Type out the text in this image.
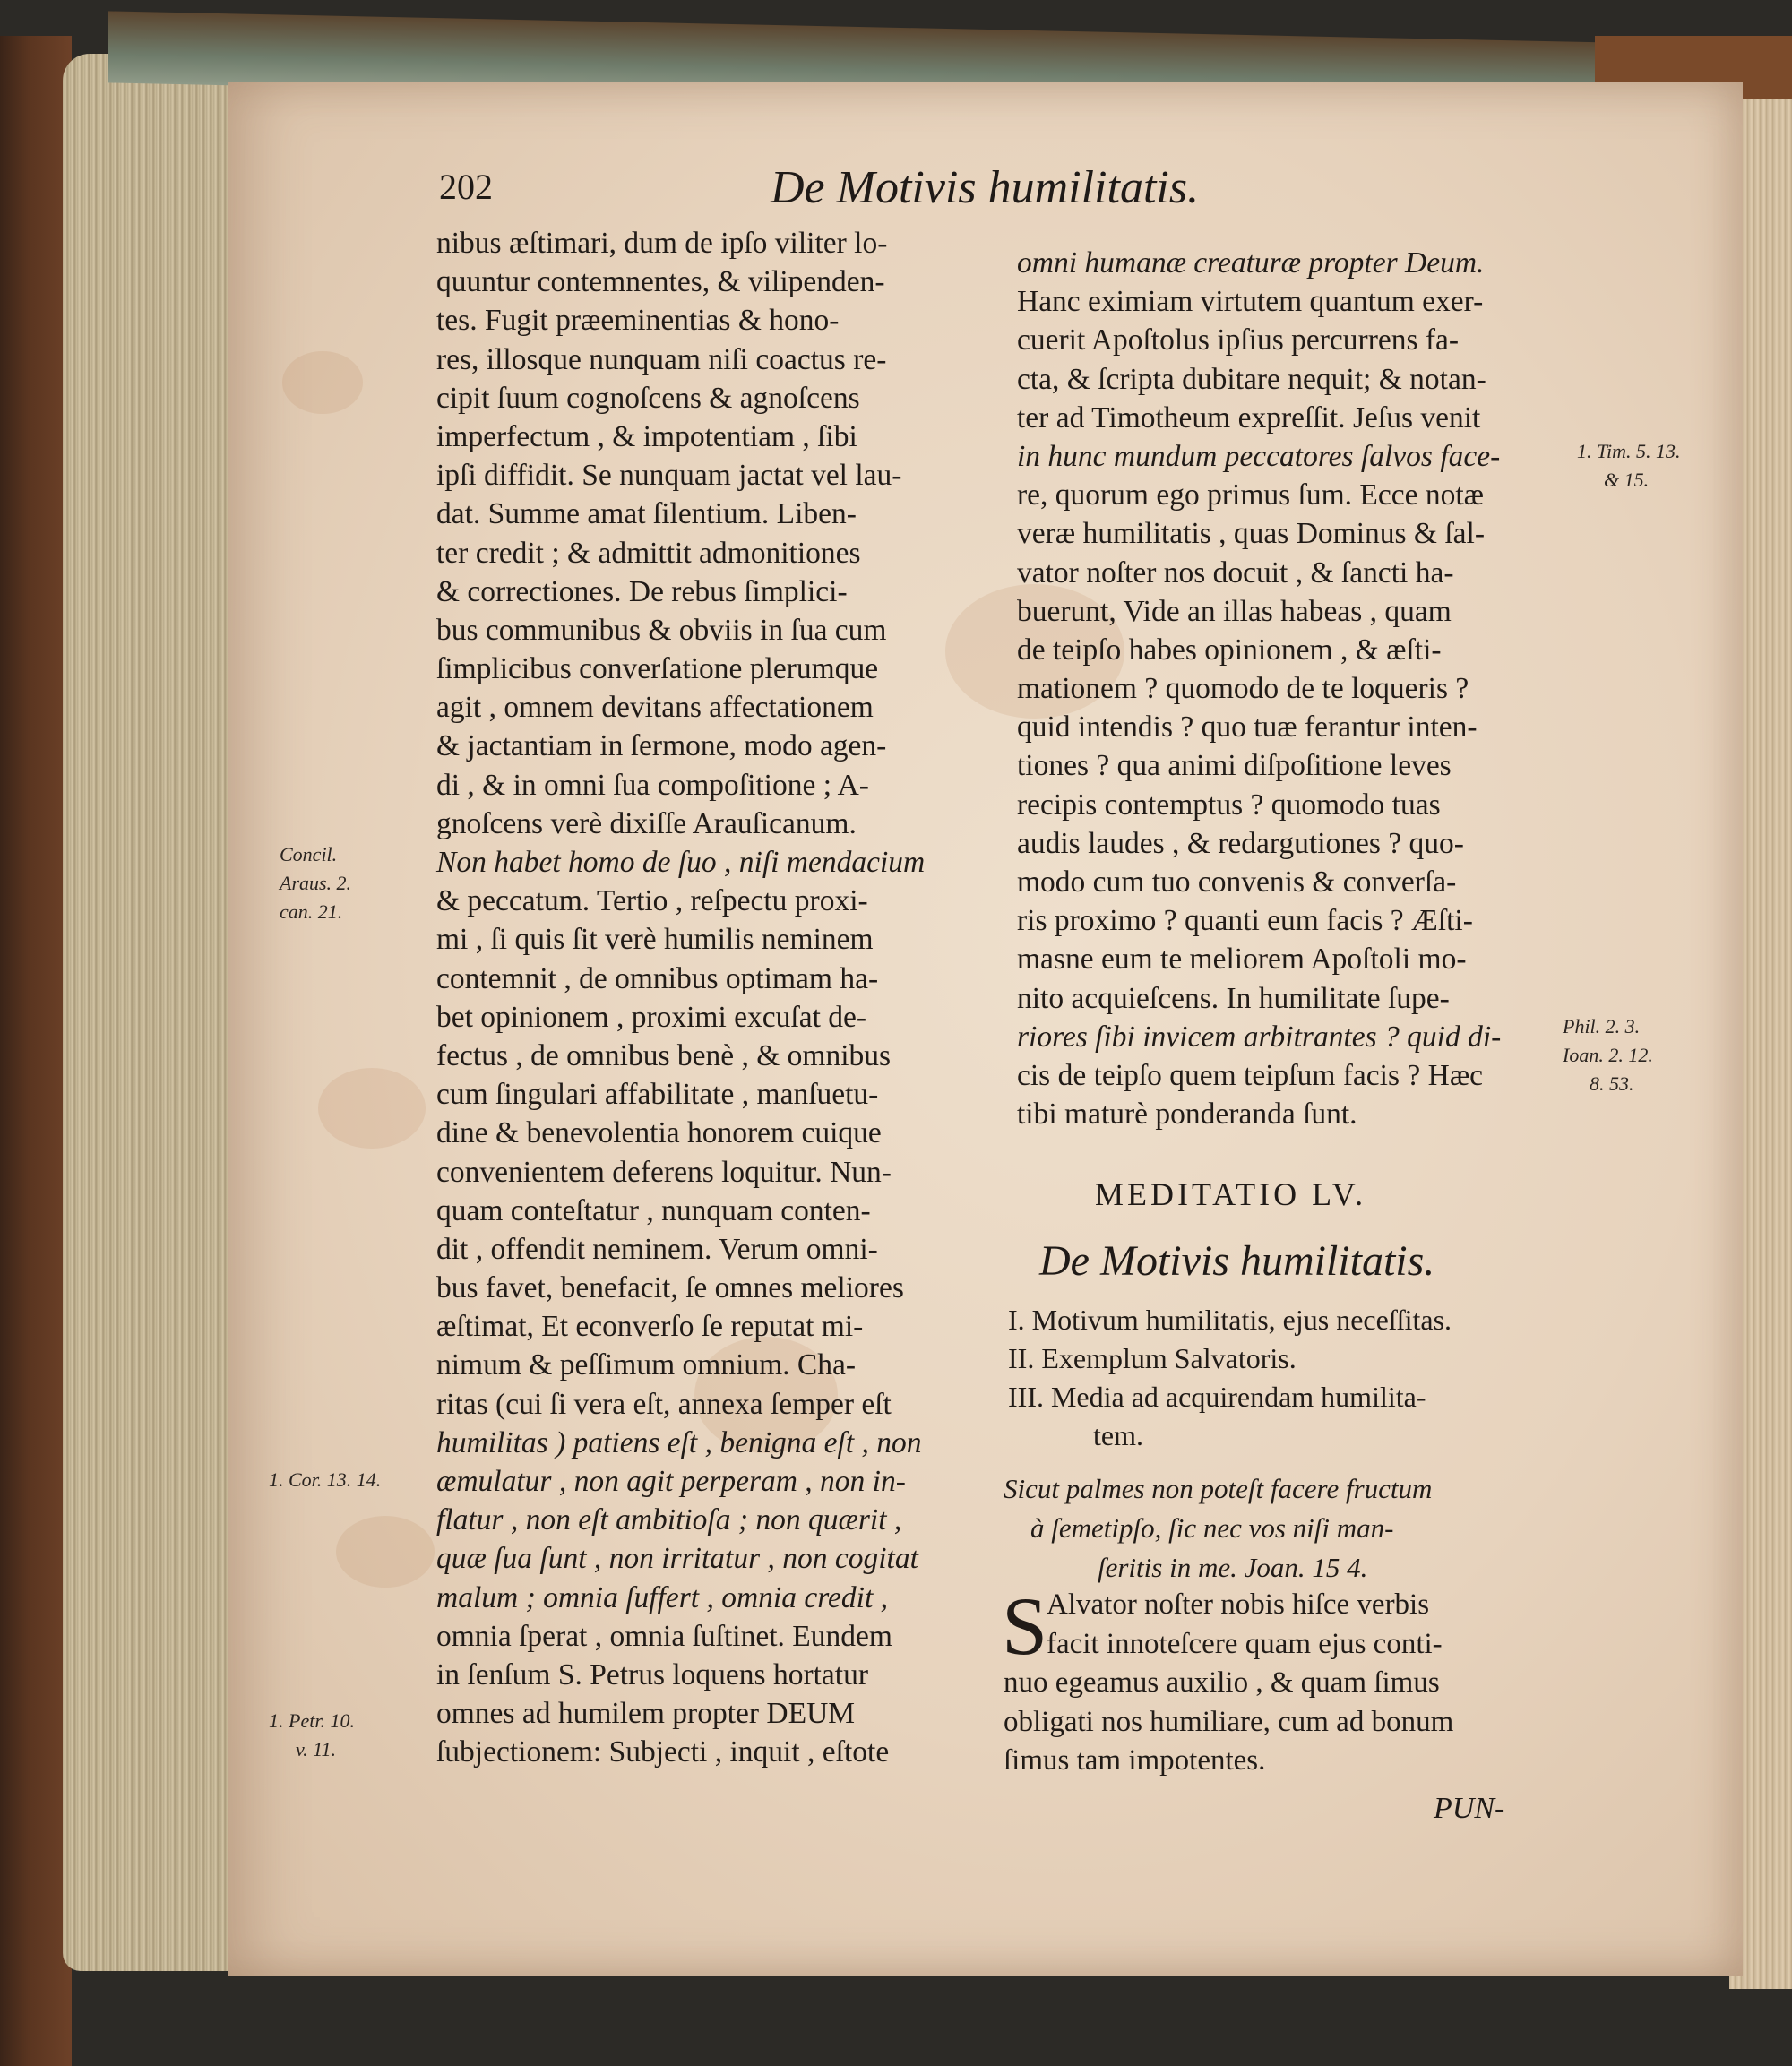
202	De Motivis humilitatis.
nibus æſtimari, dum de ipſo viliter lo-
quuntur contemnentes, & vilipenden-
tes. Fugit præeminentias & hono-
res, illosque nunquam niſi coactus re-
cipit ſuum cognoſcens & agnoſcens
imperfectum , & impotentiam , ſibi
ipſi diffidit. Se nunquam jactat vel lau-
dat. Summe amat ſilentium. Liben-
ter credit ; & admittit admonitiones
& correctiones. De rebus ſimplici-
bus communibus & obviis in ſua cum
ſimplicibus converſatione plerumque
agit , omnem devitans affectationem
& jactantiam in ſermone, modo agen-
di , & in omni ſua compoſitione ; A-
gnoſcens verè dixiſſe Arauſicanum.
Non habet homo de ſuo , niſi mendacium
& peccatum. Tertio , reſpectu proxi-
mi , ſi quis ſit verè humilis neminem
contemnit , de omnibus optimam ha-
bet opinionem , proximi excuſat de-
fectus , de omnibus benè , & omnibus
cum ſingulari affabilitate , manſuetu-
dine & benevolentia honorem cuique
convenientem deferens loquitur. Nun-
quam conteſtatur , nunquam conten-
dit , offendit neminem. Verum omni-
bus favet, benefacit, ſe omnes meliores
æſtimat, Et econverſo ſe reputat mi-
nimum & peſſimum omnium. Cha-
ritas (cui ſi vera eſt, annexa ſemper eſt
humilitas ) patiens eſt , benigna eſt , non
æmulatur , non agit perperam , non in-
flatur , non eſt ambitioſa ; non quærit ,
quæ ſua ſunt , non irritatur , non cogitat
malum ; omnia ſuffert , omnia credit ,
omnia ſperat , omnia ſuſtinet. Eundem
in ſenſum S. Petrus loquens hortatur
omnes ad humilem propter DEUM
ſubjectionem: Subjecti , inquit , eſtote
omni humanæ creaturæ propter Deum.
Hanc eximiam virtutem quantum exer-
cuerit Apoſtolus ipſius percurrens fa-
cta, & ſcripta dubitare nequit; & notan-
ter ad Timotheum expreſſit. Jeſus venit
in hunc mundum peccatores ſalvos face-
re, quorum ego primus ſum. Ecce notæ
veræ humilitatis , quas Dominus & ſal-
vator noſter nos docuit , & ſancti ha-
buerunt, Vide an illas habeas , quam
de teipſo habes opinionem , & æſti-
mationem ? quomodo de te loqueris ?
quid intendis ? quo tuæ ferantur inten-
tiones ? qua animi diſpoſitione leves
recipis contemptus ? quomodo tuas
audis laudes , & redargutiones ? quo-
modo cum tuo convenis & converſa-
ris proximo ? quanti eum facis ? Æſti-
masne eum te meliorem Apoſtoli mo-
nito acquieſcens. In humilitate ſupe-
riores ſibi invicem arbitrantes ? quid di-
cis de teipſo quem teipſum facis ? Hæc
tibi maturè ponderanda ſunt.
Concil.
Araus. 2.
can. 21.
1. Cor. 13. 14.
1. Petr. 10.
v. 11.
1. Tim. 5. 13.
& 15.
Phil. 2. 3.
Ioan. 2. 12.
8. 53.
MEDITATIO LV.
De Motivis humilitatis.
I. Motivum humilitatis, ejus neceſſitas.
II. Exemplum Salvatoris.
III. Media ad acquirendam humilita-
tem.
Sicut palmes non poteſt facere fructum
à ſemetipſo, ſic nec vos niſi man-
ſeritis in me. Joan. 15 4.
S
Alvator noſter nobis hiſce verbis
facit innoteſcere quam ejus conti-
nuo egeamus auxilio , & quam ſimus
obligati nos humiliare, cum ad bonum
ſimus tam impotentes.
PUN-
